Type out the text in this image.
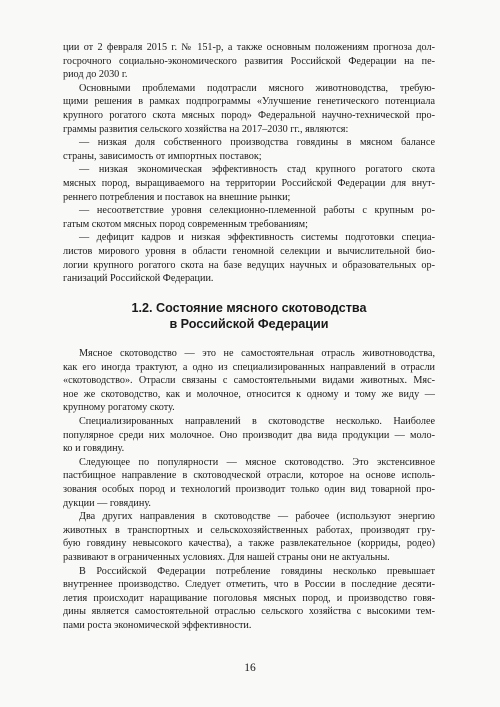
ции от 2 февраля 2015 г. № 151-р, а также основным положениям прогноза дол-
госрочного социально-экономического развития Российской Федерации на пе-
риод до 2030 г.
Основными проблемами подотрасли мясного животноводства, требую-
щими решения в рамках подпрограммы «Улучшение генетического потенциала
крупного рогатого скота мясных пород» Федеральной научно-технической про-
граммы развития сельского хозяйства на 2017–2030 гг., являются:
— низкая доля собственного производства говядины в мясном балансе
страны, зависимость от импортных поставок;
— низкая экономическая эффективность стад крупного рогатого скота
мясных пород, выращиваемого на территории Российской Федерации для внут-
реннего потребления и поставок на внешние рынки;
— несоответствие уровня селекционно-племенной работы с крупным ро-
гатым скотом мясных пород современным требованиям;
— дефицит кадров и низкая эффективность системы подготовки специа-
листов мирового уровня в области геномной селекции и вычислительной био-
логии крупного рогатого скота на базе ведущих научных и образовательных ор-
ганизаций Российской Федерации.
1.2. Состояние мясного скотоводства
в Российской Федерации
Мясное скотоводство — это не самостоятельная отрасль животноводства,
как его иногда трактуют, а одно из специализированных направлений в отрасли
«скотоводство». Отрасли связаны с самостоятельными видами животных. Мяс-
ное же скотоводство, как и молочное, относится к одному и тому же виду —
крупному рогатому скоту.
Специализированных направлений в скотоводстве несколько. Наиболее
популярное среди них молочное. Оно производит два вида продукции — моло-
ко и говядину.
Следующее по популярности — мясное скотоводство. Это экстенсивное
пастбищное направление в скотоводческой отрасли, которое на основе исполь-
зования особых пород и технологий производит только один вид товарной про-
дукции — говядину.
Два других направления в скотоводстве — рабочее (используют энергию
животных в транспортных и сельскохозяйственных работах, производят гру-
бую говядину невысокого качества), а также развлекательное (корриды, родео)
развивают в ограниченных условиях. Для нашей страны они не актуальны.
В Российской Федерации потребление говядины несколько превышает
внутреннее производство. Следует отметить, что в России в последние десяти-
летия происходит наращивание поголовья мясных пород, и производство говя-
дины является самостоятельной отраслью сельского хозяйства с высокими тем-
пами роста экономической эффективности.
16
